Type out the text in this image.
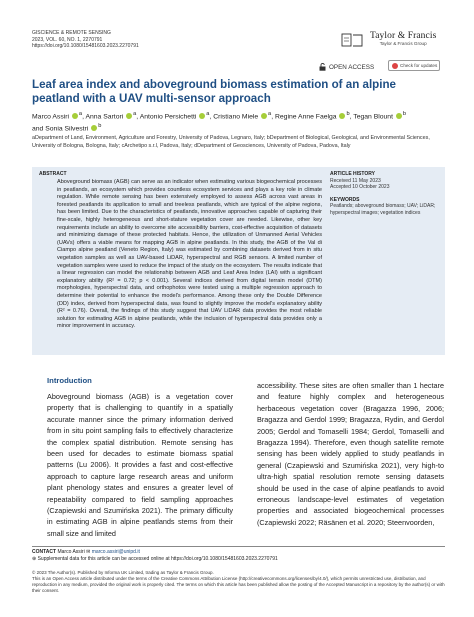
GISCIENCE & REMOTE SENSING
2023, VOL. 60, NO. 1, 2270791
https://doi.org/10.1080/15481603.2023.2270791
Taylor & Francis
Taylor & Francis Group
OPEN ACCESS	Check for updates
Leaf area index and aboveground biomass estimation of an alpine peatland with a UAV multi-sensor approach
Marco Assiri $^a$, Anna Sartori $^a$, Antonio Persichetti $^a$, Cristiano Miele $^a$, Regine Anne Faelga $^b$, Tegan Blount $^b$
and Sonia Silvestri $^b$
aDepartment of Land, Environment, Agriculture and Forestry, University of Padova, Legnaro, Italy; bDepartment of Biological, Geological, and Environmental Sciences, University of Bologna, Bologna, Italy; cArchetipo s.r.l, Padova, Italy; dDepartment of Geosciences, University of Padova, Padova, Italy
ABSTRACT
Aboveground biomass (AGB) can serve as an indicator when estimating various biogeochemical processes in peatlands, an ecosystem which provides countless ecosystem services and plays a key role in climate regulation. While remote sensing has been extensively employed to assess AGB across vast areas in forested peatlands its application to small and treeless peatlands, which are typical of the alpine regions, has been limited. Due to the characteristics of peatlands, innovative approaches capable of capturing their fine-scale, highly heterogeneous and short-stature vegetation cover are needed. Likewise, other key requirements include an ability to overcome site accessibility barriers, cost-effective acquisition of datasets and minimizing damage of these protected habitats. Hence, the utilization of Unmanned Aerial Vehicles (UAVs) offers a viable means for mapping AGB in alpine peatlands. In this study, the AGB of the Val di Ciampo alpine peatland (Veneto Region, Italy) was estimated by combining datasets derived from in situ vegetation samples as well as UAV-based LiDAR, hyperspectral and RGB sensors. A limited number of vegetation samples were used to reduce the impact of the study on the ecosystem. The results indicate that a linear regression can model the relationship between AGB and Leaf Area Index (LAI) with a significant explanatory ability (R² = 0.72; p < 0.001). Several indices derived from digital terrain model (DTM) morphologies, hyperspectral data, and orthophotos were tested using a multiple regression approach to determine their potential to enhance the model's performance. Among these only the Double Difference (DD) index, derived from hyperspectral data, was found to slightly improve the model's explanatory ability (R² = 0.76). Overall, the findings of this study suggest that UAV LiDAR data provides the most reliable solution for estimating AGB in alpine peatlands, while the inclusion of hyperspectral data provides only a minor improvement in accuracy.
ARTICLE HISTORY
Received 11 May 2023
Accepted 10 October 2023
KEYWORDS
Peatlands; aboveground biomass; UAV; LiDAR; hyperspectral images; vegetation indices
Introduction
Aboveground biomass (AGB) is a vegetation cover property that is challenging to quantify in a spatially accurate manner since the primary information derived from in situ point sampling fails to effectively characterize the complex spatial distribution. Remote sensing has been used for decades to estimate biomass spatial patterns (Lu 2006). It provides a fast and cost-effective approach to capture large research areas and uniform plant phenology states and ensures a greater level of repeatability compared to field sampling approaches (Czapiewski and Szumińska 2021). The primary difficulty in estimating AGB in alpine peatlands stems from their small size and limited
accessibility. These sites are often smaller than 1 hectare and feature highly complex and heterogeneous herbaceous vegetation cover (Bragazza 1996, 2006; Bragazza and Gerdol 1999; Bragazza, Rydin, and Gerdol 2005; Gerdol and Tomaselli 1984; Gerdol, Tomaselli and Bragazza 1994). Therefore, even though satellite remote sensing has been widely applied to study peatlands in general (Czapiewski and Szumińska 2021), very high-to ultra-high spatial resolution remote sensing datasets should be used in the case of alpine peatlands to avoid erroneous landscape-level estimates of vegetation properties and associated biogeochemical processes (Czapiewski 2022; Räsänen et al. 2020; Steenvoorden,
CONTACT Marco Assiri ✉ marco.assiri@unipd.it
⊕ Supplemental data for this article can be accessed online at https://doi.org/10.1080/15481603.2023.2270791
© 2023 The Author(s). Published by Informa UK Limited, trading as Taylor & Francis Group.
This is an Open Access article distributed under the terms of the Creative Commons Attribution License (http://creativecommons.org/licenses/by/4.0/), which permits unrestricted use, distribution, and reproduction in any medium, provided the original work is properly cited. The terms on which this article has been published allow the posting of the Accepted Manuscript in a repository by the author(s) or with their consent.
